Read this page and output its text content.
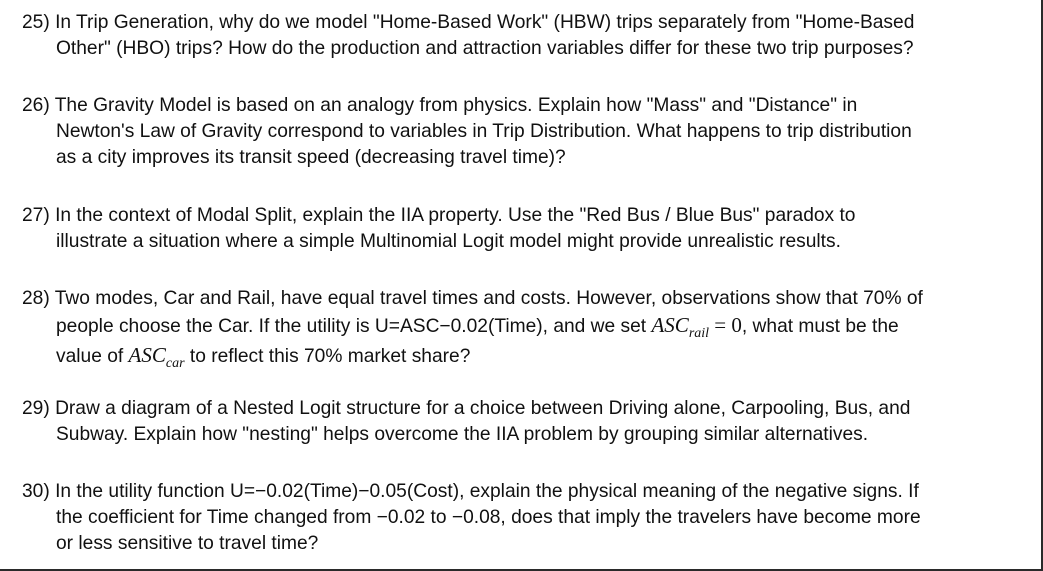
25) In Trip Generation, why do we model "Home-Based Work" (HBW) trips separately from "Home-Based
Other" (HBO) trips? How do the production and attraction variables differ for these two trip purposes?
26) The Gravity Model is based on an analogy from physics. Explain how "Mass" and "Distance" in
Newton's Law of Gravity correspond to variables in Trip Distribution. What happens to trip distribution
as a city improves its transit speed (decreasing travel time)?
27) In the context of Modal Split, explain the IIA property. Use the "Red Bus / Blue Bus" paradox to
illustrate a situation where a simple Multinomial Logit model might provide unrealistic results.
28) Two modes, Car and Rail, have equal travel times and costs. However, observations show that 70% of
people choose the Car. If the utility is U=ASC−0.02(Time), and we set $ASC_{rail} = 0$, what must be the
value of $ASC_{car}$ to reflect this 70% market share?
29) Draw a diagram of a Nested Logit structure for a choice between Driving alone, Carpooling, Bus, and
Subway. Explain how "nesting" helps overcome the IIA problem by grouping similar alternatives.
30) In the utility function U=−0.02(Time)−0.05(Cost), explain the physical meaning of the negative signs. If
the coefficient for Time changed from −0.02 to −0.08, does that imply the travelers have become more
or less sensitive to travel time?
